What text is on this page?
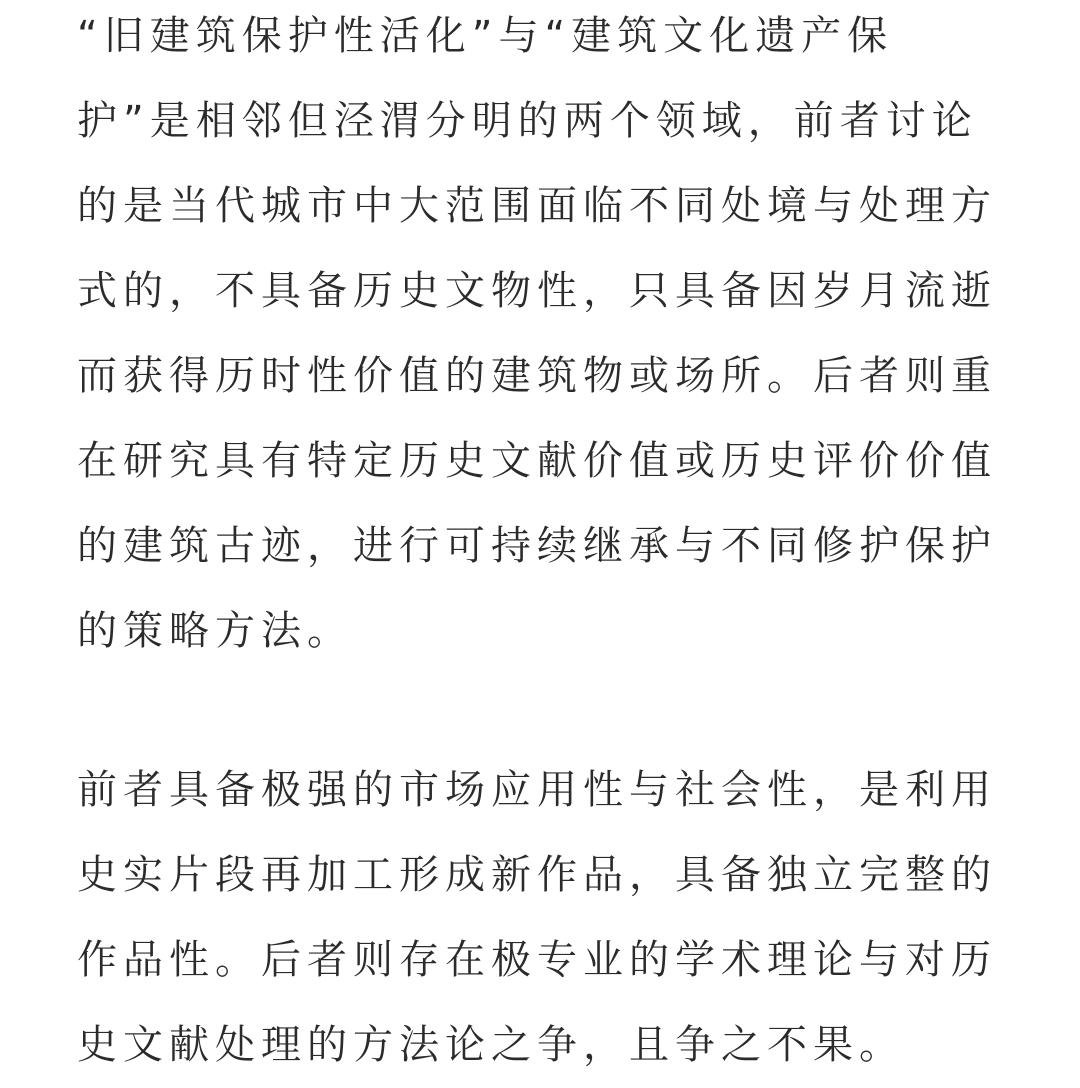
“旧建筑保护性活化”与“建筑文化遗产保
护”是相邻但泾渭分明的两个领域，前者讨论
的是当代城市中大范围面临不同处境与处理方
式的，不具备历史文物性，只具备因岁月流逝
而获得历时性价值的建筑物或场所。后者则重
在研究具有特定历史文献价值或历史评价价值
的建筑古迹，进行可持续继承与不同修护保护
的策略方法。
前者具备极强的市场应用性与社会性，是利用
史实片段再加工形成新作品，具备独立完整的
作品性。后者则存在极专业的学术理论与对历
史文献处理的方法论之争，且争之不果。
